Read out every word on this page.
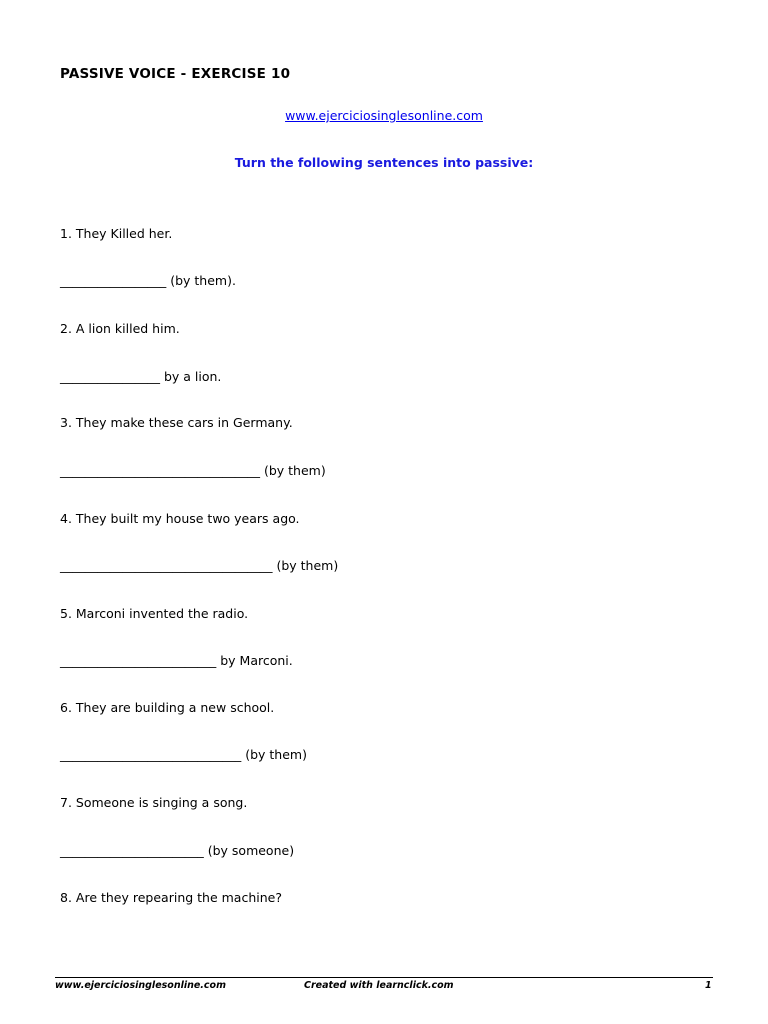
PASSIVE VOICE - EXERCISE 10
www.ejerciciosinglesonline.com
Turn the following sentences into passive:

1. They Killed her.

_________________ (by them).

2. A lion killed him.

________________ by a lion.

3. They make these cars in Germany.

________________________________ (by them)

4. They built my house two years ago.

__________________________________ (by them)

5. Marconi invented the radio.

_________________________ by Marconi.

6. They are building a new school.

_____________________________ (by them)

7. Someone is singing a song.

_______________________ (by someone)

8. Are they repearing the machine?

www.ejerciciosinglesonline.com	Created with learnclick.com	1
